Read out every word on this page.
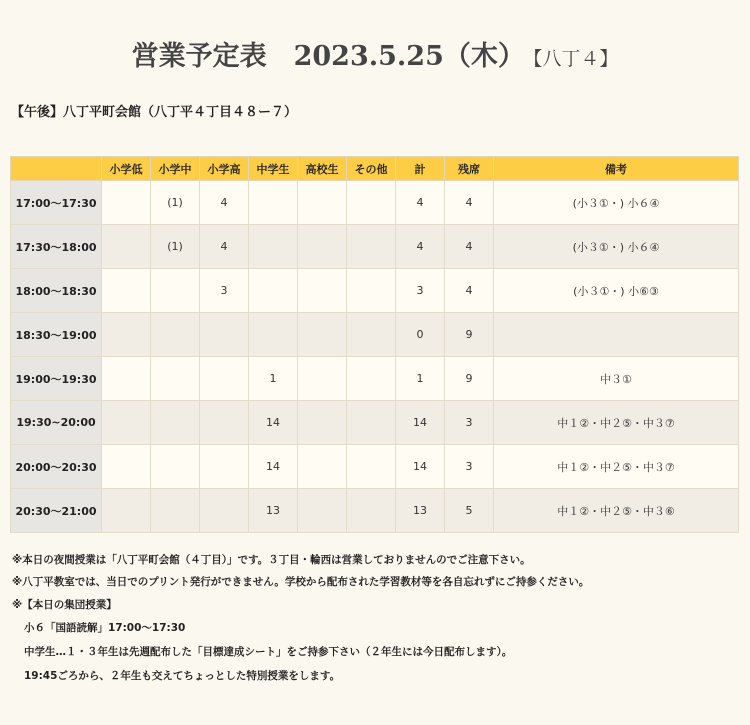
営業予定表　2023.5.25（木） 【八丁４】
【午後】八丁平町会館（八丁平４丁目４８ー７）
	小学低	小学中	小学高	中学生	高校生	その他	計	残席	備考
17:00〜17:30		(1)	4				4	4	(小３①・) 小６④
17:30〜18:00		(1)	4				4	4	(小３①・) 小６④
18:00〜18:30			3				3	4	(小３①・) 小⑥③
18:30〜19:00							0	9	
19:00〜19:30				1			1	9	中３①
19:30~20:00				14			14	3	中１②・中２⑤・中３⑦
20:00〜20:30				14			14	3	中１②・中２⑤・中３⑦
20:30〜21:00				13			13	5	中１②・中２⑤・中３⑥
※本日の夜間授業は「八丁平町会館（４丁目）」です。３丁目・輪西は営業しておりませんのでご注意下さい。
※八丁平教室では、当日でのプリント発行ができません。学校から配布された学習教材等を各自忘れずにご持参ください。
※【本日の集団授業】
小６「国語読解」17:00〜17:30
中学生…１・３年生は先週配布した「目標達成シート」をご持参下さい（２年生には今日配布します）。
19:45ごろから、２年生も交えてちょっとした特別授業をします。
